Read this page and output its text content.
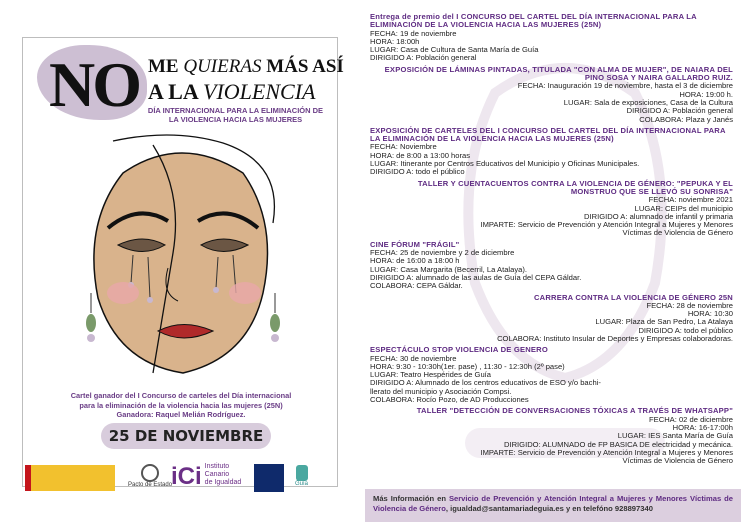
NO ME QUIERAS MÁS ASÍ
A LA VIOLENCIA
DÍA INTERNACIONAL PARA LA ELIMINACIÓN DE LA VIOLENCIA HACIA LAS MUJERES
Cartel ganador del I Concurso de carteles del Día internacional
para la eliminación de la violencia hacia las mujeres (25N)
Ganadora: Raquel Melián Rodríguez.
25 DE NOVIEMBRE
Pacto de Estado
iCi Instituto
Canario
de Igualdad	Guía
Entrega de premio del I CONCURSO DEL CARTEL DEL DÍA INTERNACIONAL PARA LA ELIMINACIÓN DE LA VIOLENCIA HACIA LAS MUJERES (25N)
FECHA: 19 de noviembre
HORA: 18:00h
LUGAR: Casa de Cultura de Santa María de Guía
DIRIGIDO A: Población general
EXPOSICIÓN DE LÁMINAS PINTADAS, TITULADA "CON ALMA DE MUJER", DE NAIARA DEL PINO SOSA Y NAIRA GALLARDO RUIZ.
FECHA: Inauguración 19 de noviembre, hasta el 3 de diciembre
HORA: 19:00 h.
LUGAR: Sala de exposiciones, Casa de la Cultura
DIRIGIDO A: Población general
COLABORA: Plaza y Janés
EXPOSICIÓN DE CARTELES DEL I CONCURSO DEL CARTEL DEL DÍA INTERNACIONAL PARA LA ELIMINACIÓN DE LA VIOLENCIA HACIA LAS MUJERES (25N)
FECHA: Noviembre
HORA: de 8:00 a 13:00 horas
LUGAR: Itinerante por Centros Educativos del Municipio y Oficinas Municipales.
DIRIGIDO A: todo el público
TALLER Y CUENTACUENTOS CONTRA LA VIOLENCIA DE GÉNERO: "PEPUKA Y EL MONSTRUO QUE SE LLEVÓ SU SONRISA"
FECHA: noviembre 2021
LUGAR: CEIPs del municipio
DIRIGIDO A: alumnado de infantil y primaria
IMPARTE: Servicio de Prevención y Atención Integral a Mujeres y Menores
Víctimas de Violencia de Género
CINE FÓRUM "FRÁGIL"
FECHA: 25 de noviembre y 2 de diciembre
HORA: de 16:00 a 18:00 h
LUGAR: Casa Margarita (Becerril, La Atalaya).
DIRIGIDO A: alumnado de las aulas de Guía del CEPA Gáldar.
COLABORA: CEPA Gáldar.
CARRERA CONTRA LA VIOLENCIA DE GÉNERO 25N
FECHA: 28 de noviembre
HORA: 10:30
LUGAR: Plaza de San Pedro, La Atalaya
DIRIGIDO A: todo el público
COLABORA: Instituto Insular de Deportes y Empresas colaboradoras.
ESPECTÁCULO STOP VIOLENCIA DE GENERO
FECHA: 30 de noviembre
HORA: 9:30 - 10:30h(1er. pase) , 11:30 - 12:30h (2º pase)
LUGAR: Teatro Hespérides de Guía
DIRIGIDO A: Alumnado de los centros educativos de ESO y/o bachi-
llerato del municipio y Asociación Compsi.
COLABORA: Rocío Pozo, de AD Producciones
TALLER "DETECCIÓN DE CONVERSACIONES TÓXICAS A TRAVÉS DE WHATSAPP"
FECHA: 02 de diciembre
HORA: 16-17:00h
LUGAR: IES Santa María de Guía
DIRIGIDO: ALUMNADO de FP BASICA DE electricidad y mecánica.
IMPARTE: Servicio de Prevención y Atención Integral a Mujeres y Menores
Víctimas de Violencia de Género
Más Información en Servicio de Prevención y Atención Integral a Mujeres y Menores Víctimas de Violencia de Género, igualdad@santamariadeguia.es y en telefóno 928897340
